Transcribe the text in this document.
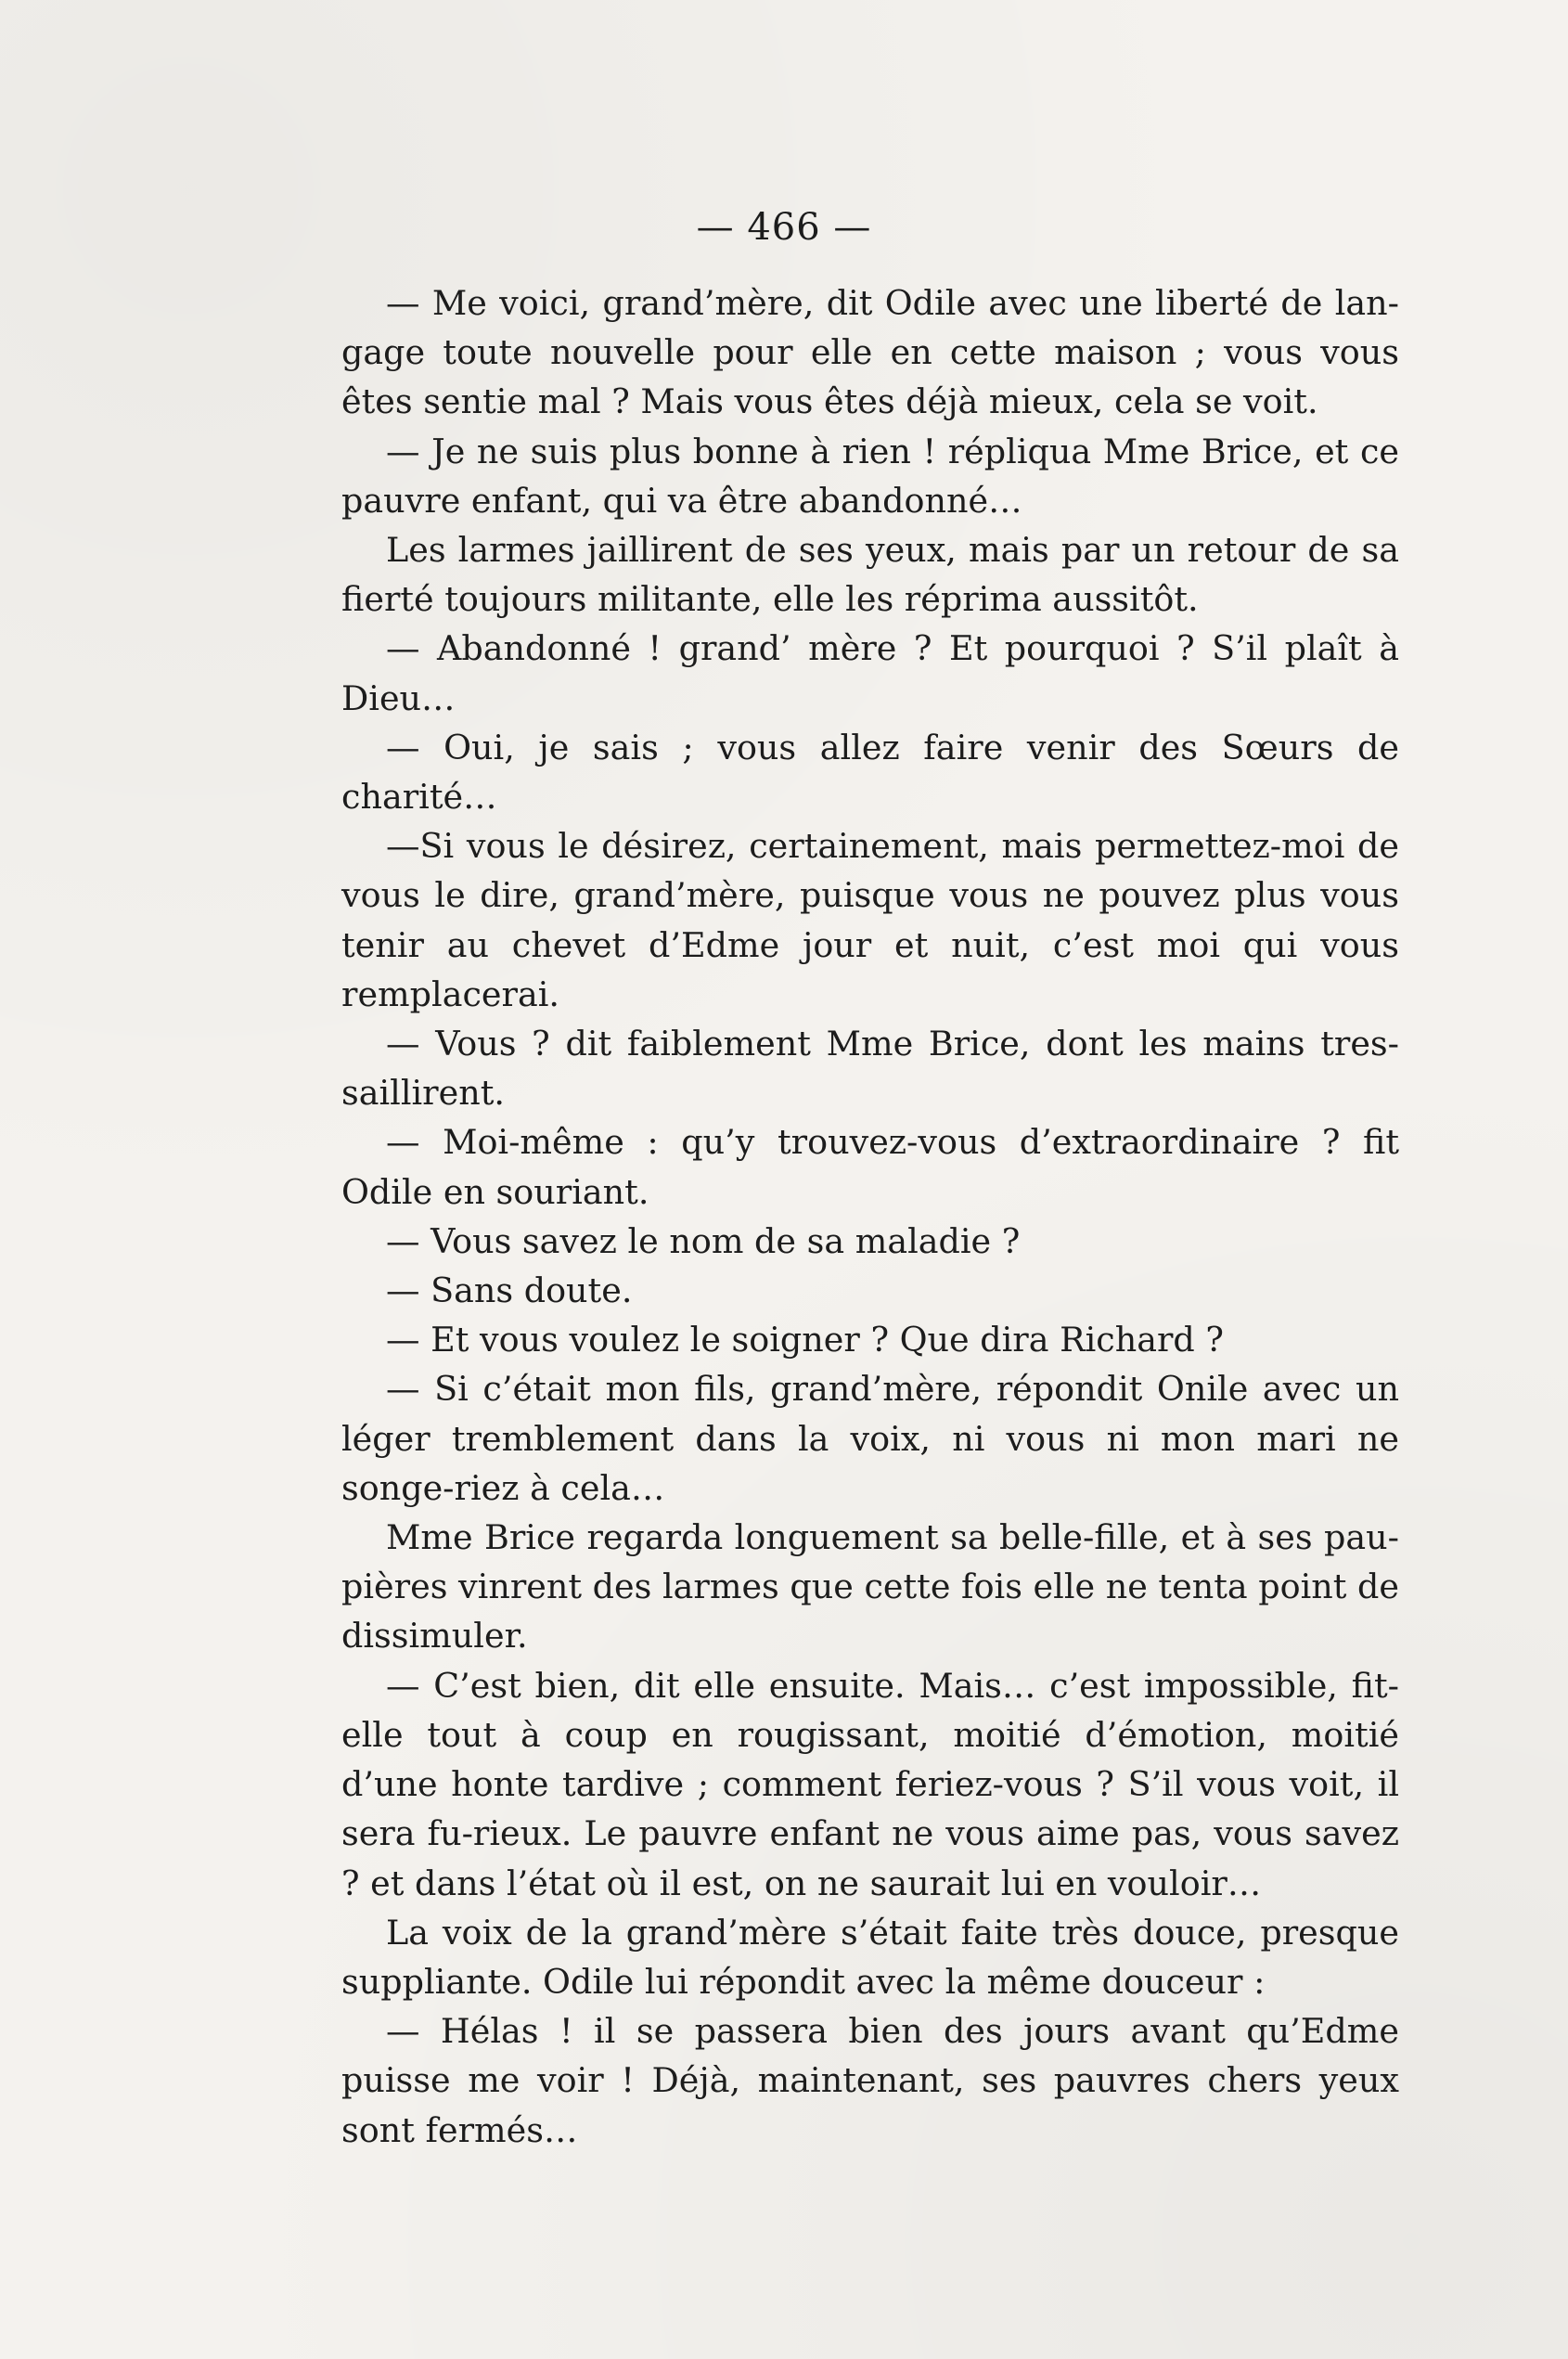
— 466 —

— Me voici, grand’mère, dit Odile avec une liberté de lan-gage toute nouvelle pour elle en cette maison ; vous vous êtes sentie mal ? Mais vous êtes déjà mieux, cela se voit.

— Je ne suis plus bonne à rien ! répliqua Mme Brice, et ce pauvre enfant, qui va être abandonné…

Les larmes jaillirent de ses yeux, mais par un retour de sa fierté toujours militante, elle les réprima aussitôt.

— Abandonné ! grand’ mère ? Et pourquoi ? S’il plaît à Dieu…

— Oui, je sais ; vous allez faire venir des Sœurs de charité…

—Si vous le désirez, certainement, mais permettez-moi de vous le dire, grand’mère, puisque vous ne pouvez plus vous tenir au chevet d’Edme jour et nuit, c’est moi qui vous remplacerai.

— Vous ? dit faiblement Mme Brice, dont les mains tres-saillirent.

— Moi-même : qu’y trouvez-vous d’extraordinaire ? fit Odile en souriant.

— Vous savez le nom de sa maladie ?

— Sans doute.

— Et vous voulez le soigner ? Que dira Richard ?

— Si c’était mon fils, grand’mère, répondit Onile avec un léger tremblement dans la voix, ni vous ni mon mari ne songe-riez à cela…

Mme Brice regarda longuement sa belle-fille, et à ses pau-pières vinrent des larmes que cette fois elle ne tenta point de dissimuler.

— C’est bien, dit elle ensuite. Mais… c’est impossible, fit-elle tout à coup en rougissant, moitié d’émotion, moitié d’une honte tardive ; comment feriez-vous ? S’il vous voit, il sera fu-rieux. Le pauvre enfant ne vous aime pas, vous savez ? et dans l’état où il est, on ne saurait lui en vouloir…

La voix de la grand’mère s’était faite très douce, presque suppliante. Odile lui répondit avec la même douceur :

— Hélas ! il se passera bien des jours avant qu’Edme puisse me voir ! Déjà, maintenant, ses pauvres chers yeux sont fermés…
